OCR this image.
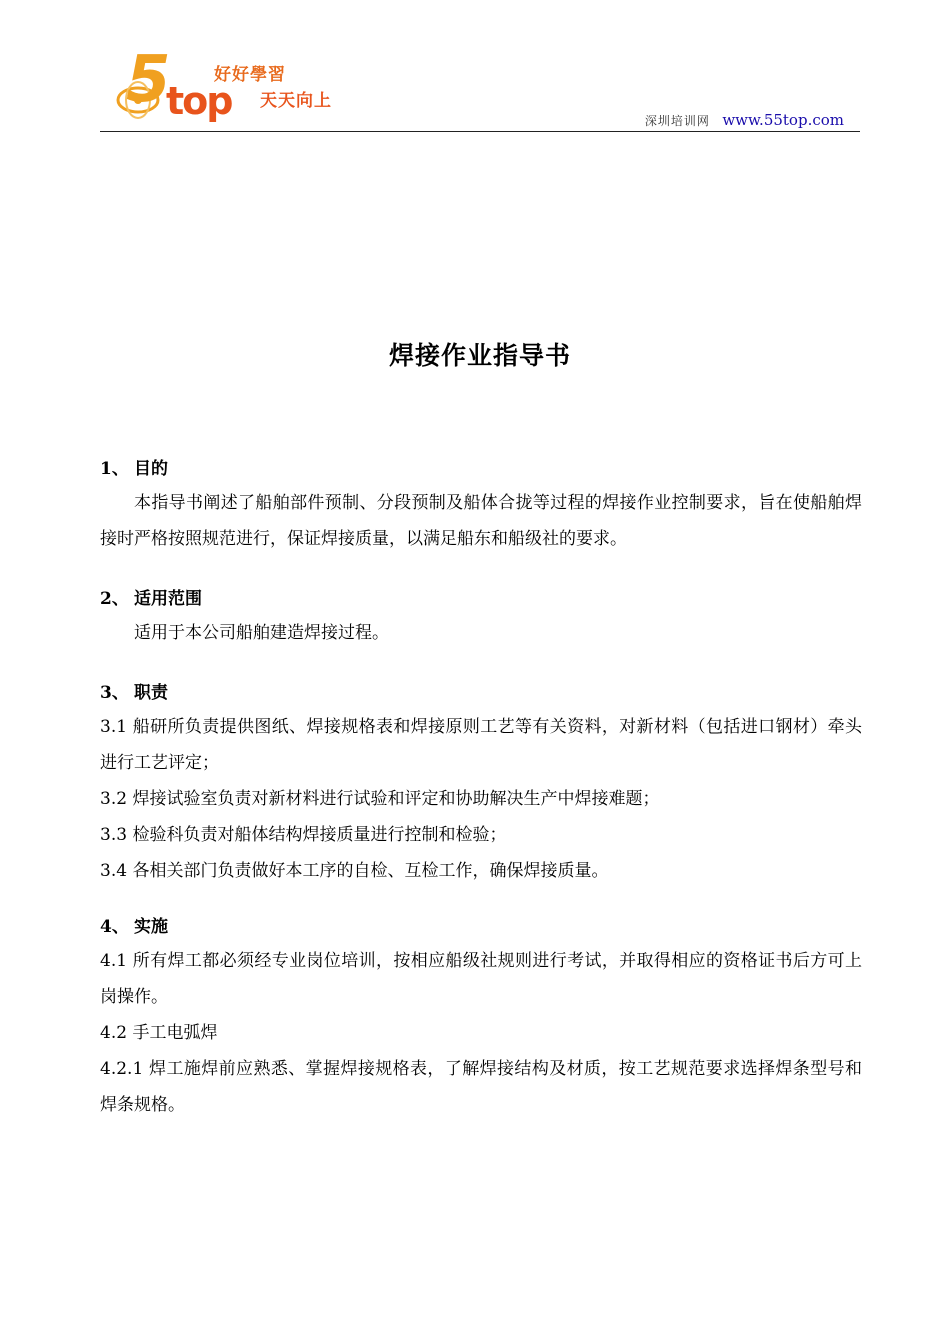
5
top
好好學習
天天向上
深圳培训网 www.55top.com
焊接作业指导书
1、 目的
本指导书阐述了船舶部件预制、分段预制及船体合拢等过程的焊接作业控制要求，旨在使船舶焊接时严格按照规范进行，保证焊接质量，以满足船东和船级社的要求。
2、 适用范围
适用于本公司船舶建造焊接过程。
3、 职责
3.1 船研所负责提供图纸、焊接规格表和焊接原则工艺等有关资料，对新材料（包括进口钢材）牵头进行工艺评定；
3.2 焊接试验室负责对新材料进行试验和评定和协助解决生产中焊接难题；
3.3 检验科负责对船体结构焊接质量进行控制和检验；
3.4 各相关部门负责做好本工序的自检、互检工作，确保焊接质量。
4、 实施
4.1 所有焊工都必须经专业岗位培训，按相应船级社规则进行考试，并取得相应的资格证书后方可上岗操作。
4.2 手工电弧焊
4.2.1 焊工施焊前应熟悉、掌握焊接规格表，了解焊接结构及材质，按工艺规范要求选择焊条型号和焊条规格。
